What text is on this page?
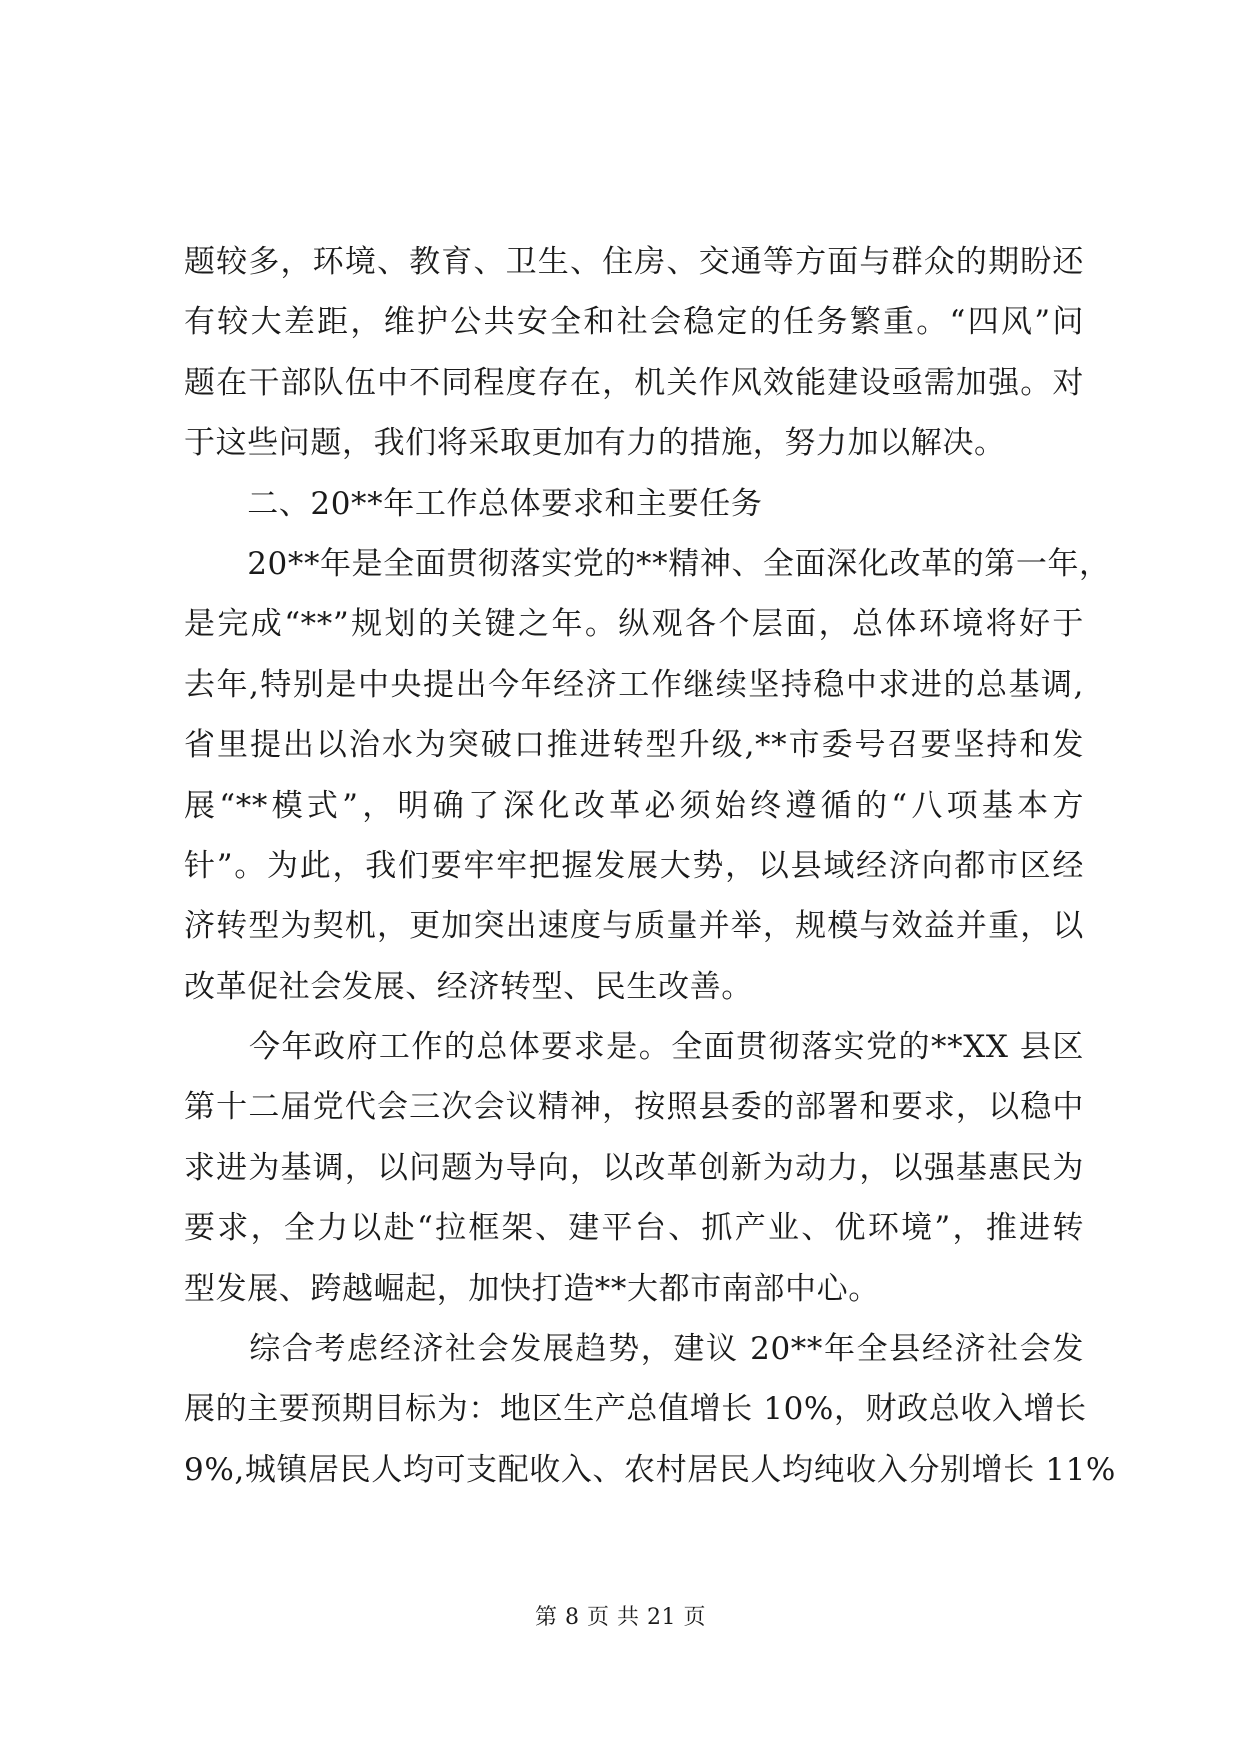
题较多，环境、教育、卫生、住房、交通等方面与群众的期盼还
有较大差距，维护公共安全和社会稳定的任务繁重。“四风”问
题在干部队伍中不同程度存在，机关作风效能建设亟需加强。对
于这些问题，我们将采取更加有力的措施，努力加以解决。
　　二、20**年工作总体要求和主要任务
　　20**年是全面贯彻落实党的**精神、全面深化改革的第一年，
是完成“**”规划的关键之年。纵观各个层面，总体环境将好于
去年,特别是中央提出今年经济工作继续坚持稳中求进的总基调,
省里提出以治水为突破口推进转型升级,**市委号召要坚持和发
展“**模式”，明确了深化改革必须始终遵循的“八项基本方
针”。为此，我们要牢牢把握发展大势，以县域经济向都市区经
济转型为契机，更加突出速度与质量并举，规模与效益并重，以
改革促社会发展、经济转型、民生改善。
　　今年政府工作的总体要求是。全面贯彻落实党的**XX 县区
第十二届党代会三次会议精神，按照县委的部署和要求，以稳中
求进为基调，以问题为导向，以改革创新为动力，以强基惠民为
要求，全力以赴“拉框架、建平台、抓产业、优环境”，推进转
型发展、跨越崛起，加快打造**大都市南部中心。
　　综合考虑经济社会发展趋势，建议 20**年全县经济社会发
展的主要预期目标为：地区生产总值增长 10%，财政总收入增长
9%,城镇居民人均可支配收入、农村居民人均纯收入分别增长 11%
第 8 页 共 21 页
